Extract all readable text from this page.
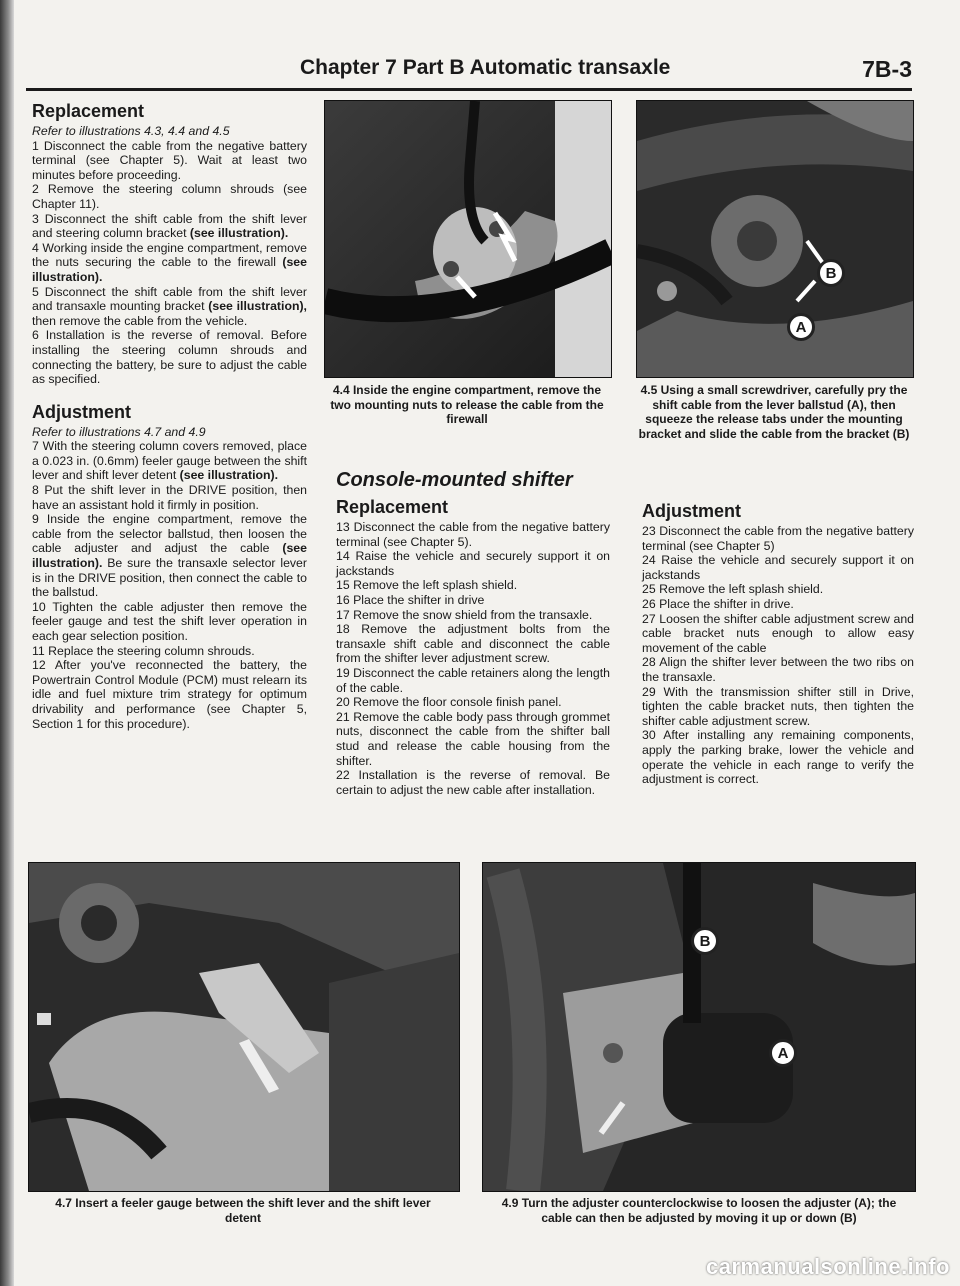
Chapter 7 Part B Automatic transaxle	7B-3
Replacement

Refer to illustrations 4.3, 4.4 and 4.5

1 Disconnect the cable from the negative battery terminal (see Chapter 5). Wait at least two minutes before proceeding.

2 Remove the steering column shrouds (see Chapter 11).

3 Disconnect the shift cable from the shift lever and steering column bracket (see illustration).

4 Working inside the engine compartment, remove the nuts securing the cable to the firewall (see illustration).

5 Disconnect the shift cable from the shift lever and transaxle mounting bracket (see illustration), then remove the cable from the vehicle.

6 Installation is the reverse of removal. Before installing the steering column shrouds and connecting the battery, be sure to adjust the cable as specified.

Adjustment

Refer to illustrations 4.7 and 4.9

7 With the steering column covers removed, place a 0.023 in. (0.6mm) feeler gauge between the shift lever and shift lever detent (see illustration).

8 Put the shift lever in the DRIVE position, then have an assistant hold it firmly in position.

9 Inside the engine compartment, remove the cable from the selector ballstud, then loosen the cable adjuster and adjust the cable (see illustration). Be sure the transaxle selector lever is in the DRIVE position, then connect the cable to the ballstud.

10 Tighten the cable adjuster then remove the feeler gauge and test the shift lever operation in each gear selection position.

11 Replace the steering column shrouds.

12 After you've reconnected the battery, the Powertrain Control Module (PCM) must relearn its idle and fuel mixture trim strategy for optimum drivability and performance (see Chapter 5, Section 1 for this procedure).

4.4 Inside the engine compartment, remove the two mounting nuts to release the cable from the firewall
B
A
4.5 Using a small screwdriver, carefully pry the shift cable from the lever ballstud (A), then squeeze the release tabs under the mounting bracket and slide the cable from the bracket (B)
Console-mounted shifter
Replacement

13 Disconnect the cable from the negative battery terminal (see Chapter 5).

14 Raise the vehicle and securely support it on jackstands

15 Remove the left splash shield.

16 Place the shifter in drive

17 Remove the snow shield from the transaxle.

18 Remove the adjustment bolts from the transaxle shift cable and disconnect the cable from the shifter lever adjustment screw.

19 Disconnect the cable retainers along the length of the cable.

20 Remove the floor console finish panel.

21 Remove the cable body pass through grommet nuts, disconnect the cable from the shifter ball stud and release the cable housing from the shifter.

22 Installation is the reverse of removal. Be certain to adjust the new cable after installation.

Adjustment

23 Disconnect the cable from the negative battery terminal (see Chapter 5)

24 Raise the vehicle and securely support it on jackstands

25 Remove the left splash shield.

26 Place the shifter in drive.

27 Loosen the shifter cable adjustment screw and cable bracket nuts enough to allow easy movement of the cable

28 Align the shifter lever between the two ribs on the transaxle.

29 With the transmission shifter still in Drive, tighten the cable bracket nuts, then tighten the shifter cable adjustment screw.

30 After installing any remaining components, apply the parking brake, lower the vehicle and operate the vehicle in each range to verify the adjustment is correct.

4.7 Insert a feeler gauge between the shift lever and the shift lever detent
B
A
4.9 Turn the adjuster counterclockwise to loosen the adjuster (A); the cable can then be adjusted by moving it up or down (B)
carmanualsonline.info
